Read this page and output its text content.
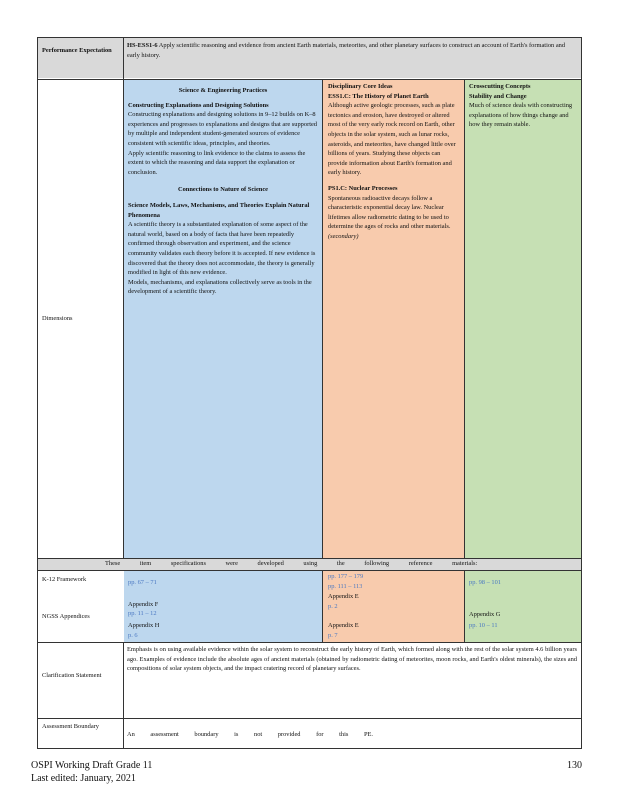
Performance Expectation
HS-ESS1-6 Apply scientific reasoning and evidence from ancient Earth materials, meteorites, and other planetary surfaces to construct an account of Earth's formation and early history.
Dimensions
Science & Engineering Practices
Constructing Explanations and Designing Solutions
Constructing explanations and designing solutions in 9–12 builds on K–8 experiences and progresses to explanations and designs that are supported by multiple and independent student-generated sources of evidence consistent with scientific ideas, principles, and theories.
Apply scientific reasoning to link evidence to the claims to assess the extent to which the reasoning and data support the explanation or conclusion.
Connections to Nature of Science
Science Models, Laws, Mechanisms, and Theories Explain Natural Phenomena
A scientific theory is a substantiated explanation of some aspect of the natural world, based on a body of facts that have been repeatedly confirmed through observation and experiment, and the science community validates each theory before it is accepted. If new evidence is discovered that the theory does not accommodate, the theory is generally modified in light of this new evidence.
Models, mechanisms, and explanations collectively serve as tools in the development of a scientific theory.
Disciplinary Core Ideas
ESS1.C: The History of Planet Earth
Although active geologic processes, such as plate tectonics and erosion, have destroyed or altered most of the very early rock record on Earth, other objects in the solar system, such as lunar rocks, asteroids, and meteorites, have changed little over billions of years. Studying these objects can provide information about Earth's formation and early history.
PS1.C: Nuclear Processes
Spontaneous radioactive decays follow a characteristic exponential decay law. Nuclear lifetimes allow radiometric dating to be used to determine the ages of rocks and other materials. (secondary)
Crosscutting Concepts
Stability and Change
Much of science deals with constructing explanations of how things change and how they remain stable.
These item specifications were developed using the following reference materials:
K-12 Framework
NGSS Appendices
pp. 67 – 71
Appendix F
pp. 11 – 12
Appendix H
p. 6
pp. 177 – 179
pp. 111 – 113
Appendix E
p. 2
Appendix E
p. 7
pp. 98 – 101
Appendix G
pp. 10 – 11
Clarification Statement
Emphasis is on using available evidence within the solar system to reconstruct the early history of Earth, which formed along with the rest of the solar system 4.6 billion years ago. Examples of evidence include the absolute ages of ancient materials (obtained by radiometric dating of meteorites, moon rocks, and Earth's oldest minerals), the sizes and compositions of solar system objects, and the impact cratering record of planetary surfaces.
Assessment Boundary
An assessment boundary is not provided for this PE.
OSPI Working Draft Grade 11
Last edited: January, 2021
130
